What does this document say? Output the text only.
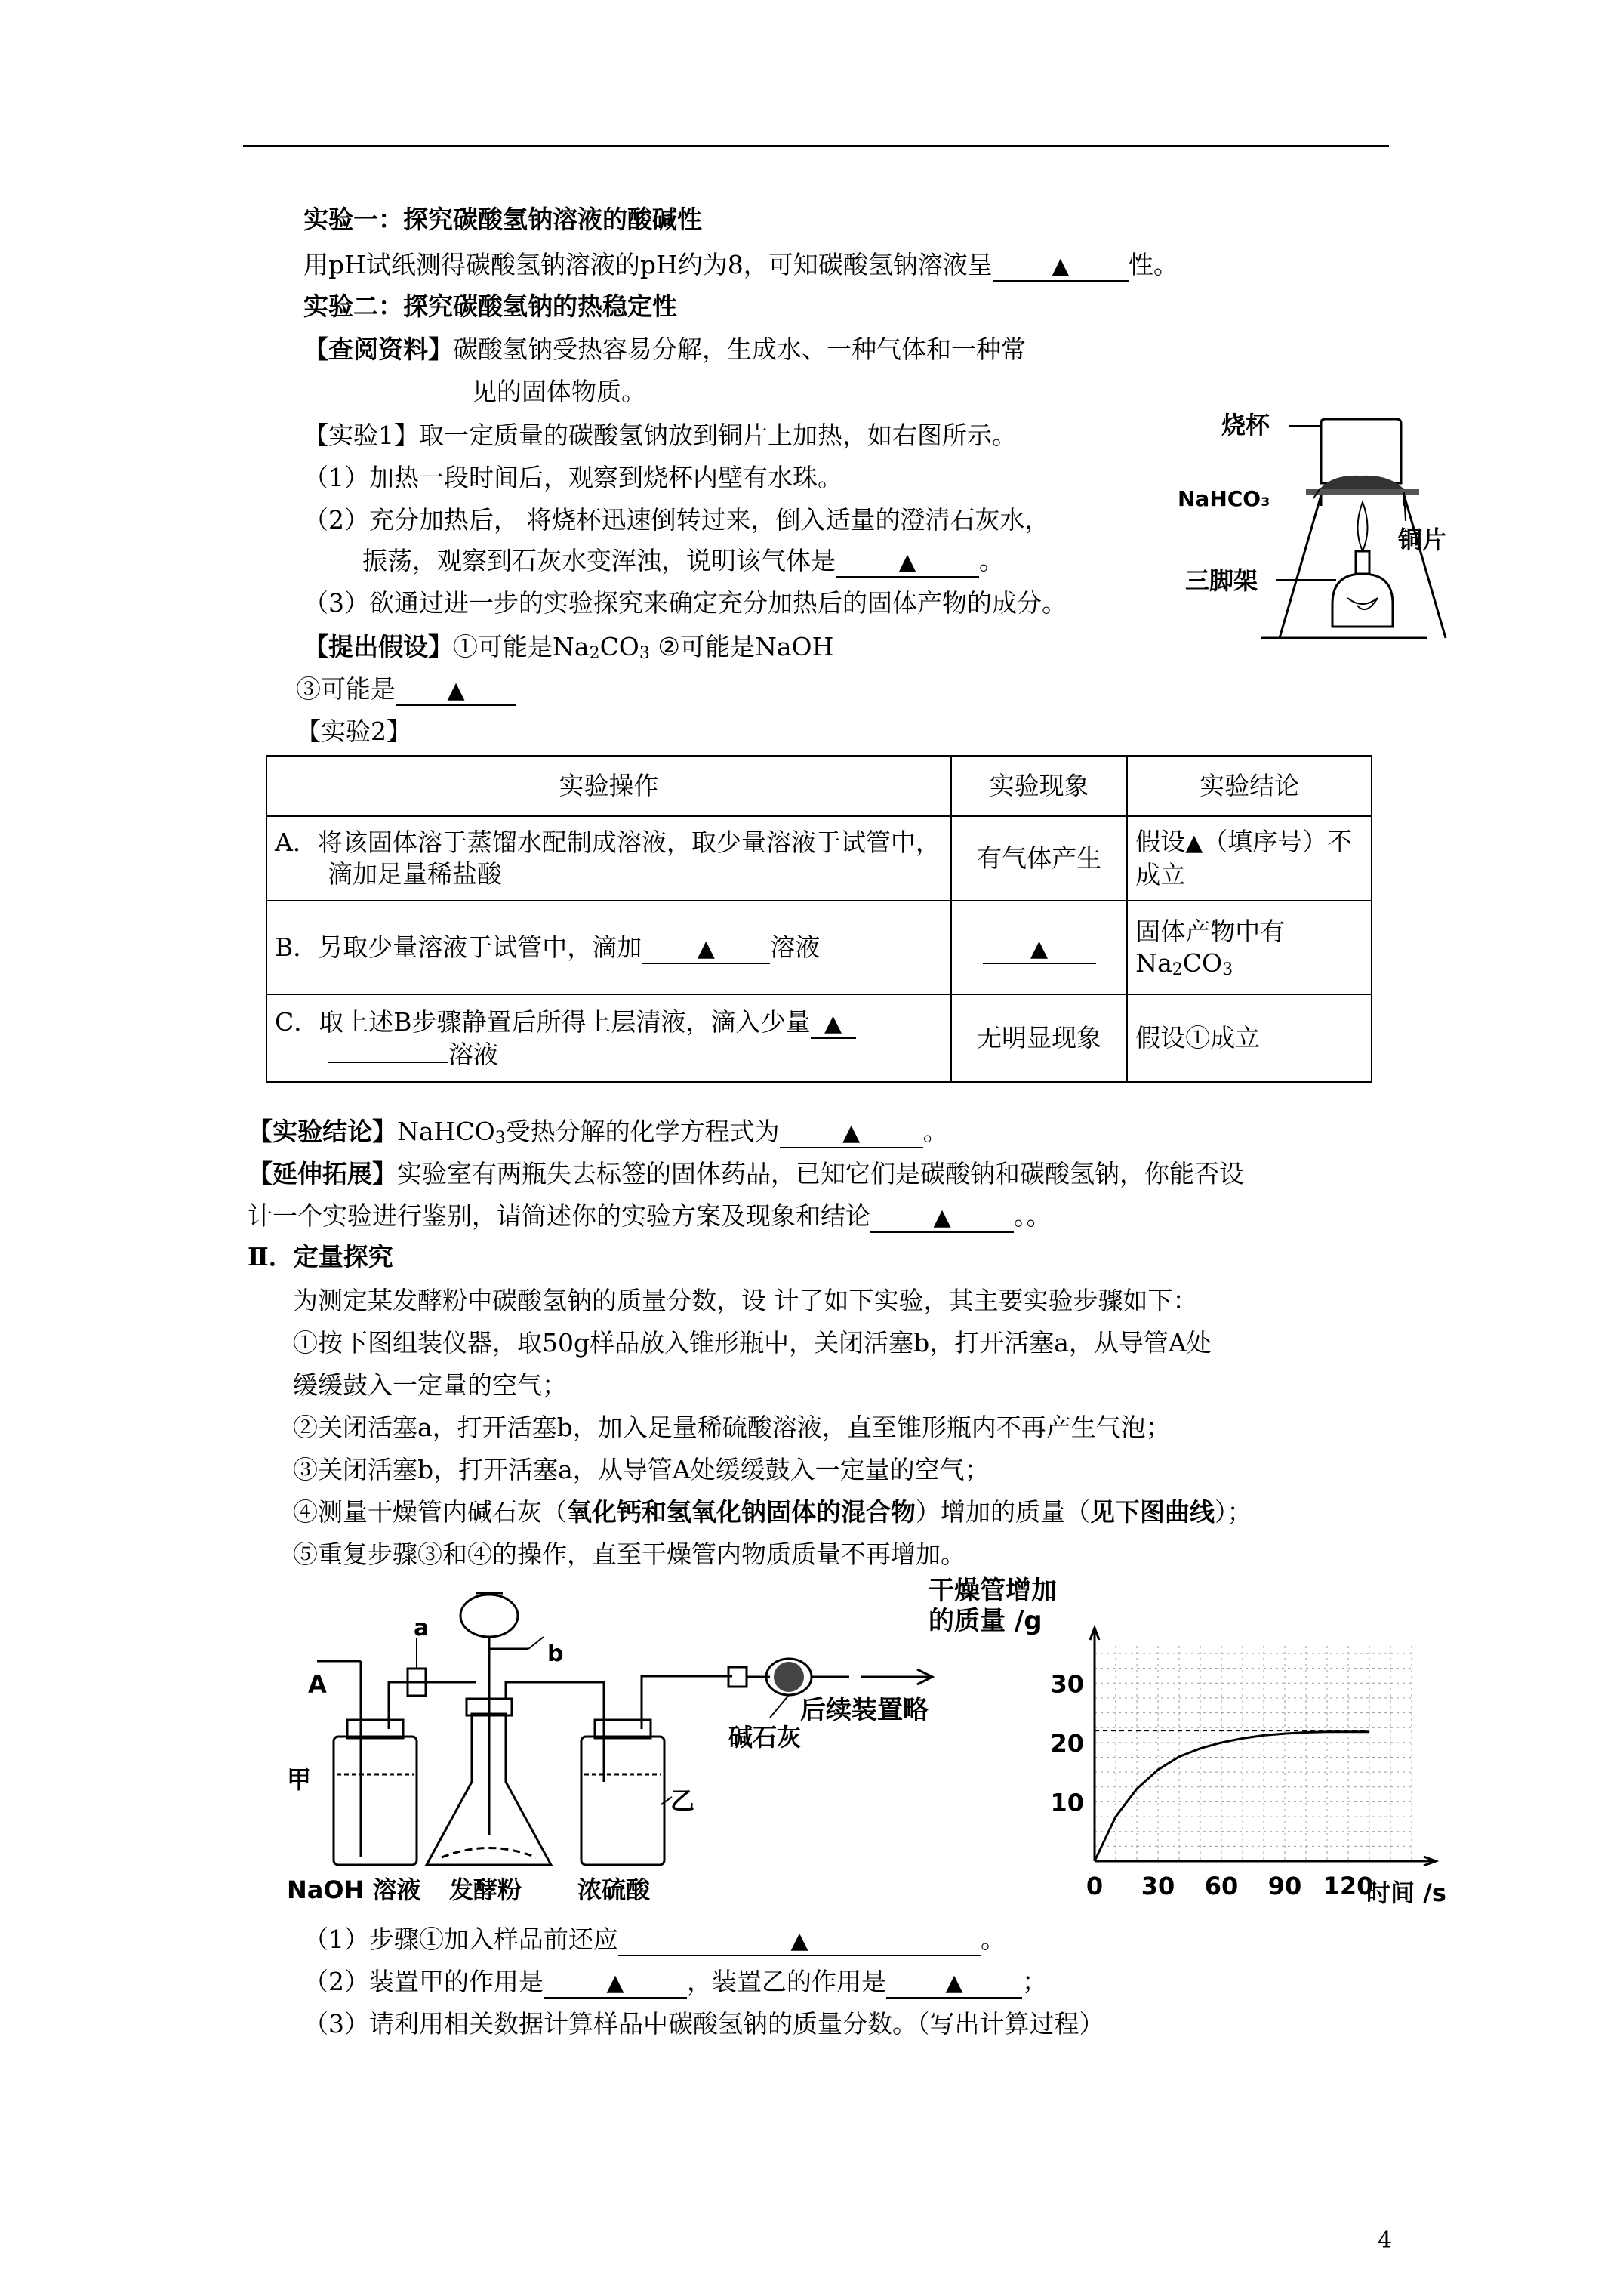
实验一：探究碳酸氢钠溶液的酸碱性
用pH试纸测得碳酸氢钠溶液的pH约为8，可知碳酸氢钠溶液呈	▲ 性。
实验二：探究碳酸氢钠的热稳定性
【查阅资料】碳酸氢钠受热容易分解，生成水、一种气体和一种常
见的固体物质。
【实验1】取一定质量的碳酸氢钠放到铜片上加热，如右图所示。
（1）加热一段时间后，观察到烧杯内壁有水珠。
（2）充分加热后， 将烧杯迅速倒转过来，倒入适量的澄清石灰水，
振荡，观察到石灰水变浑浊，说明该气体是	▲	。
（3）欲通过进一步的实验探究来确定充分加热后的固体产物的成分。
【提出假设】①可能是$Na_2CO_3$ ②可能是NaOH
③可能是 ▲
【实验2】
烧杯
NaHCO₃
铜片
三脚架
实验操作	实验现象	实验结论
A．将该固体溶于蒸馏水配制成溶液，取少量溶液于试管中，滴加足量稀盐酸	有气体产生	假设▲（填序号）不成立
B．另取少量溶液于试管中，滴加 ▲ 溶液	▲	固体产物中有
$Na_2CO_3$
C．取上述B步骤静置后所得上层清液，滴入少量 ▲
溶液	无明显现象	假设①成立
【实验结论】NaHCO$_3$受热分解的化学方程式为	▲	。
【延伸拓展】实验室有两瓶失去标签的固体药品，已知它们是碳酸钠和碳酸氢钠，你能否设
计一个实验进行鉴别，请简述你的实验方案及现象和结论	▲	。。
Ⅱ．定量探究
为测定某发酵粉中碳酸氢钠的质量分数，设 计了如下实验，其主要实验步骤如下：
①按下图组装仪器，取50g样品放入锥形瓶中，关闭活塞b，打开活塞a，从导管A处
缓缓鼓入一定量的空气；
②关闭活塞a，打开活塞b，加入足量稀硫酸溶液，直至锥形瓶内不再产生气泡；
③关闭活塞b，打开活塞a，从导管A处缓缓鼓入一定量的空气；
④测量干燥管内碱石灰（氧化钙和氢氧化钠固体的混合物）增加的质量（见下图曲线）；
⑤重复步骤③和④的操作，直至干燥管内物质质量不再增加。
a
b
A
甲
乙
碱石灰
后续装置略
NaOH 溶液 发酵粉 浓硫酸	0 30 60 90 120
10
20
30
干燥管增加
的质量 /g
时间 /s
（1）步骤①加入样品前还应	▲	。
（2）装置甲的作用是	▲	，装置乙的作用是	▲ ；
（3）请利用相关数据计算样品中碳酸氢钠的质量分数。（写出计算过程）
4
